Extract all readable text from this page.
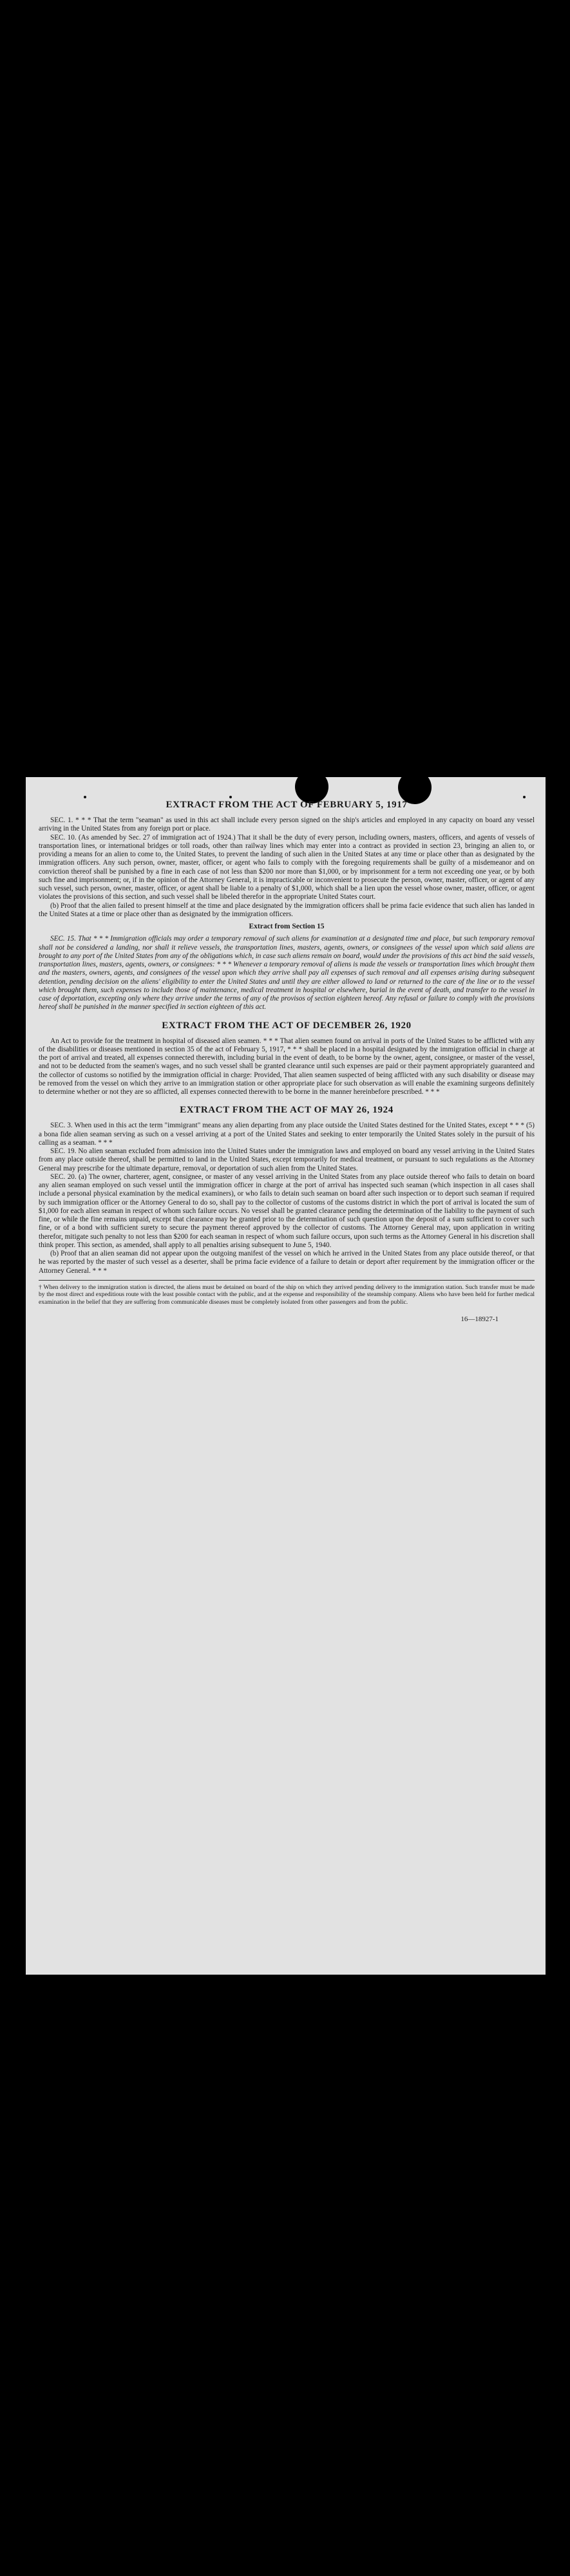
EXTRACT FROM THE ACT OF FEBRUARY 5, 1917

SEC. 1. * * * That the term "seaman" as used in this act shall include every person signed on the ship's articles and employed in any capacity on board any vessel arriving in the United States from any foreign port or place.

SEC. 10. (As amended by Sec. 27 of immigration act of 1924.) That it shall be the duty of every person, including owners, masters, officers, and agents of vessels of transportation lines, or international bridges or toll roads, other than railway lines which may enter into a contract as provided in section 23, bringing an alien to, or providing a means for an alien to come to, the United States, to prevent the landing of such alien in the United States at any time or place other than as designated by the immigration officers. Any such person, owner, master, officer, or agent who fails to comply with the foregoing requirements shall be guilty of a misdemeanor and on conviction thereof shall be punished by a fine in each case of not less than $200 nor more than $1,000, or by imprisonment for a term not exceeding one year, or by both such fine and imprisonment; or, if in the opinion of the Attorney General, it is impracticable or inconvenient to prosecute the person, owner, master, officer, or agent of any such vessel, such person, owner, master, officer, or agent shall be liable to a penalty of $1,000, which shall be a lien upon the vessel whose owner, master, officer, or agent violates the provisions of this section, and such vessel shall be libeled therefor in the appropriate United States court.

(b) Proof that the alien failed to present himself at the time and place designated by the immigration officers shall be prima facie evidence that such alien has landed in the United States at a time or place other than as designated by the immigration officers.

Extract from Section 15

SEC. 15. That * * * Immigration officials may order a temporary removal of such aliens for examination at a designated time and place, but such temporary removal shall not be considered a landing, nor shall it relieve vessels, the transportation lines, masters, agents, owners, or consignees of the vessel upon which said aliens are brought to any port of the United States from any of the obligations which, in case such aliens remain on board, would under the provisions of this act bind the said vessels, transportation lines, masters, agents, owners, or consignees: * * * Whenever a temporary removal of aliens is made the vessels or transportation lines which brought them and the masters, owners, agents, and consignees of the vessel upon which they arrive shall pay all expenses of such removal and all expenses arising during subsequent detention, pending decision on the aliens' eligibility to enter the United States and until they are either allowed to land or returned to the care of the line or to the vessel which brought them, such expenses to include those of maintenance, medical treatment in hospital or elsewhere, burial in the event of death, and transfer to the vessel in case of deportation, excepting only where they arrive under the terms of any of the provisos of section eighteen hereof. Any refusal or failure to comply with the provisions hereof shall be punished in the manner specified in section eighteen of this act.

EXTRACT FROM THE ACT OF DECEMBER 26, 1920

An Act to provide for the treatment in hospital of diseased alien seamen. * * * That alien seamen found on arrival in ports of the United States to be afflicted with any of the disabilities or diseases mentioned in section 35 of the act of February 5, 1917, * * * shall be placed in a hospital designated by the immigration official in charge at the port of arrival and treated, all expenses connected therewith, including burial in the event of death, to be borne by the owner, agent, consignee, or master of the vessel, and not to be deducted from the seamen's wages, and no such vessel shall be granted clearance until such expenses are paid or their payment appropriately guaranteed and the collector of customs so notified by the immigration official in charge: Provided, That alien seamen suspected of being afflicted with any such disability or disease may be removed from the vessel on which they arrive to an immigration station or other appropriate place for such observation as will enable the examining surgeons definitely to determine whether or not they are so afflicted, all expenses connected therewith to be borne in the manner hereinbefore prescribed. * * *

EXTRACT FROM THE ACT OF MAY 26, 1924

SEC. 3. When used in this act the term "immigrant" means any alien departing from any place outside the United States destined for the United States, except * * * (5) a bona fide alien seaman serving as such on a vessel arriving at a port of the United States and seeking to enter temporarily the United States solely in the pursuit of his calling as a seaman. * * *

SEC. 19. No alien seaman excluded from admission into the United States under the immigration laws and employed on board any vessel arriving in the United States from any place outside thereof, shall be permitted to land in the United States, except temporarily for medical treatment, or pursuant to such regulations as the Attorney General may prescribe for the ultimate departure, removal, or deportation of such alien from the United States.

SEC. 20. (a) The owner, charterer, agent, consignee, or master of any vessel arriving in the United States from any place outside thereof who fails to detain on board any alien seaman employed on such vessel until the immigration officer in charge at the port of arrival has inspected such seaman (which inspection in all cases shall include a personal physical examination by the medical examiners), or who fails to detain such seaman on board after such inspection or to deport such seaman if required by such immigration officer or the Attorney General to do so, shall pay to the collector of customs of the customs district in which the port of arrival is located the sum of $1,000 for each alien seaman in respect of whom such failure occurs. No vessel shall be granted clearance pending the determination of the liability to the payment of such fine, or while the fine remains unpaid, except that clearance may be granted prior to the determination of such question upon the deposit of a sum sufficient to cover such fine, or of a bond with sufficient surety to secure the payment thereof approved by the collector of customs. The Attorney General may, upon application in writing therefor, mitigate such penalty to not less than $200 for each seaman in respect of whom such failure occurs, upon such terms as the Attorney General in his discretion shall think proper. This section, as amended, shall apply to all penalties arising subsequent to June 5, 1940.

(b) Proof that an alien seaman did not appear upon the outgoing manifest of the vessel on which he arrived in the United States from any place outside thereof, or that he was reported by the master of such vessel as a deserter, shall be prima facie evidence of a failure to detain or deport after requirement by the immigration officer or the Attorney General. * * *

† When delivery to the immigration station is directed, the aliens must be detained on board of the ship on which they arrived pending delivery to the immigration station. Such transfer must be made by the most direct and expeditious route with the least possible contact with the public, and at the expense and responsibility of the steamship company. Aliens who have been held for further medical examination in the belief that they are suffering from communicable diseases must be completely isolated from other passengers and from the public.
16—18927-1
